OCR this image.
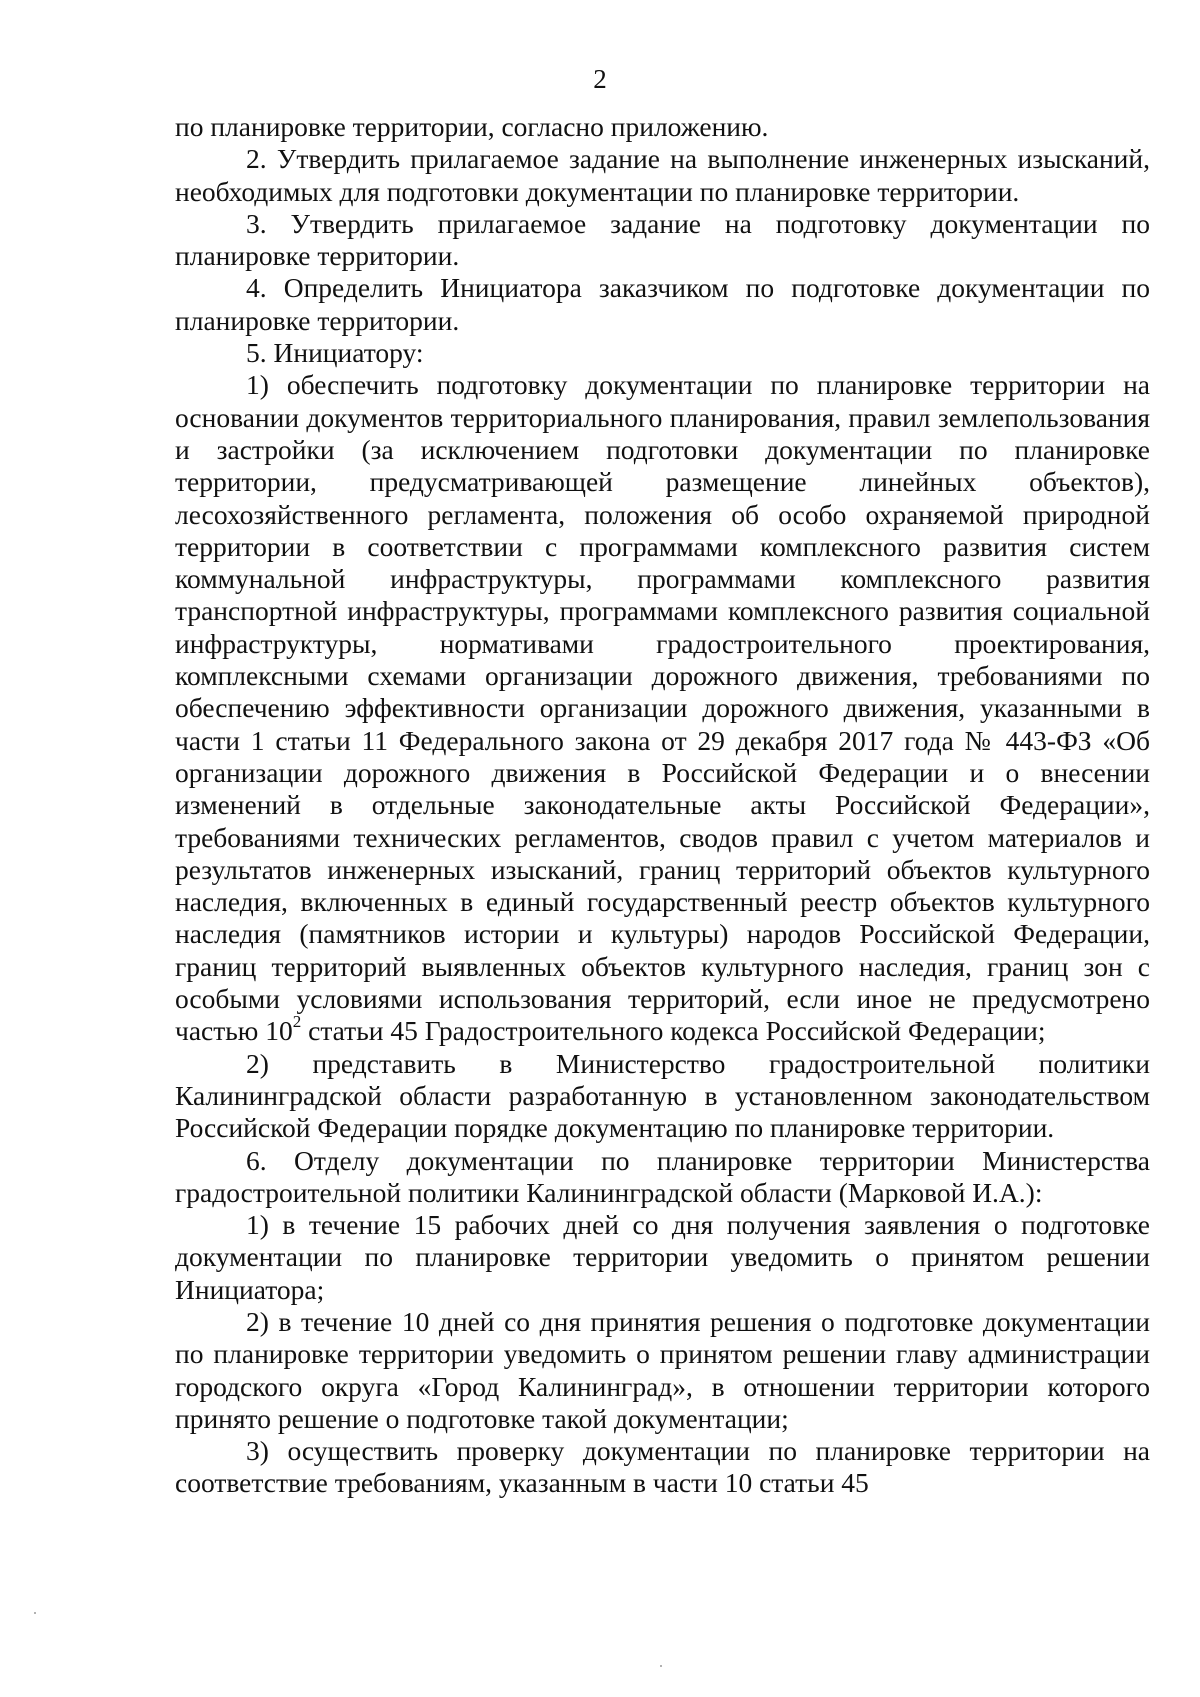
2

по планировке территории, согласно приложению.

2. Утвердить прилагаемое задание на выполнение инженерных изысканий, необходимых для подготовки документации по планировке территории.

3. Утвердить прилагаемое задание на подготовку документации по планировке территории.

4. Определить Инициатора заказчиком по подготовке документации по планировке территории.

5. Инициатору:

1) обеспечить подготовку документации по планировке территории на основании документов территориального планирования, правил землепользования и застройки (за исключением подготовки документации по планировке территории, предусматривающей размещение линейных объектов), лесохозяйственного регламента, положения об особо охраняемой природной территории в соответствии с программами комплексного развития систем коммунальной инфраструктуры, программами комплексного развития транспортной инфраструктуры, программами комплексного развития социальной инфраструктуры, нормативами градостроительного проектирования, комплексными схемами организации дорожного движения, требованиями по обеспечению эффективности организации дорожного движения, указанными в части 1 статьи 11 Федерального закона от 29 декабря 2017 года № 443-ФЗ «Об организации дорожного движения в Российской Федерации и о внесении изменений в отдельные законодательные акты Российской Федерации», требованиями технических регламентов, сводов правил с учетом материалов и результатов инженерных изысканий, границ территорий объектов культурного наследия, включенных в единый государственный реестр объектов культурного наследия (памятников истории и культуры) народов Российской Федерации, границ территорий выявленных объектов культурного наследия, границ зон с особыми условиями использования территорий, если иное не предусмотрено частью $10^2$ статьи 45 Градостроительного кодекса Российской Федерации;

2) представить в Министерство градостроительной политики Калининградской области разработанную в установленном законодательством Российской Федерации порядке документацию по планировке территории.

6. Отделу документации по планировке территории Министерства градостроительной политики Калининградской области (Марковой И.А.):

1) в течение 15 рабочих дней со дня получения заявления о подготовке документации по планировке территории уведомить о принятом решении Инициатора;

2) в течение 10 дней со дня принятия решения о подготовке документации по планировке территории уведомить о принятом решении главу администрации городского округа «Город Калининград», в отношении территории которого принято решение о подготовке такой документации;

3) осуществить проверку документации по планировке территории на соответствие требованиям, указанным в части 10 статьи 45
